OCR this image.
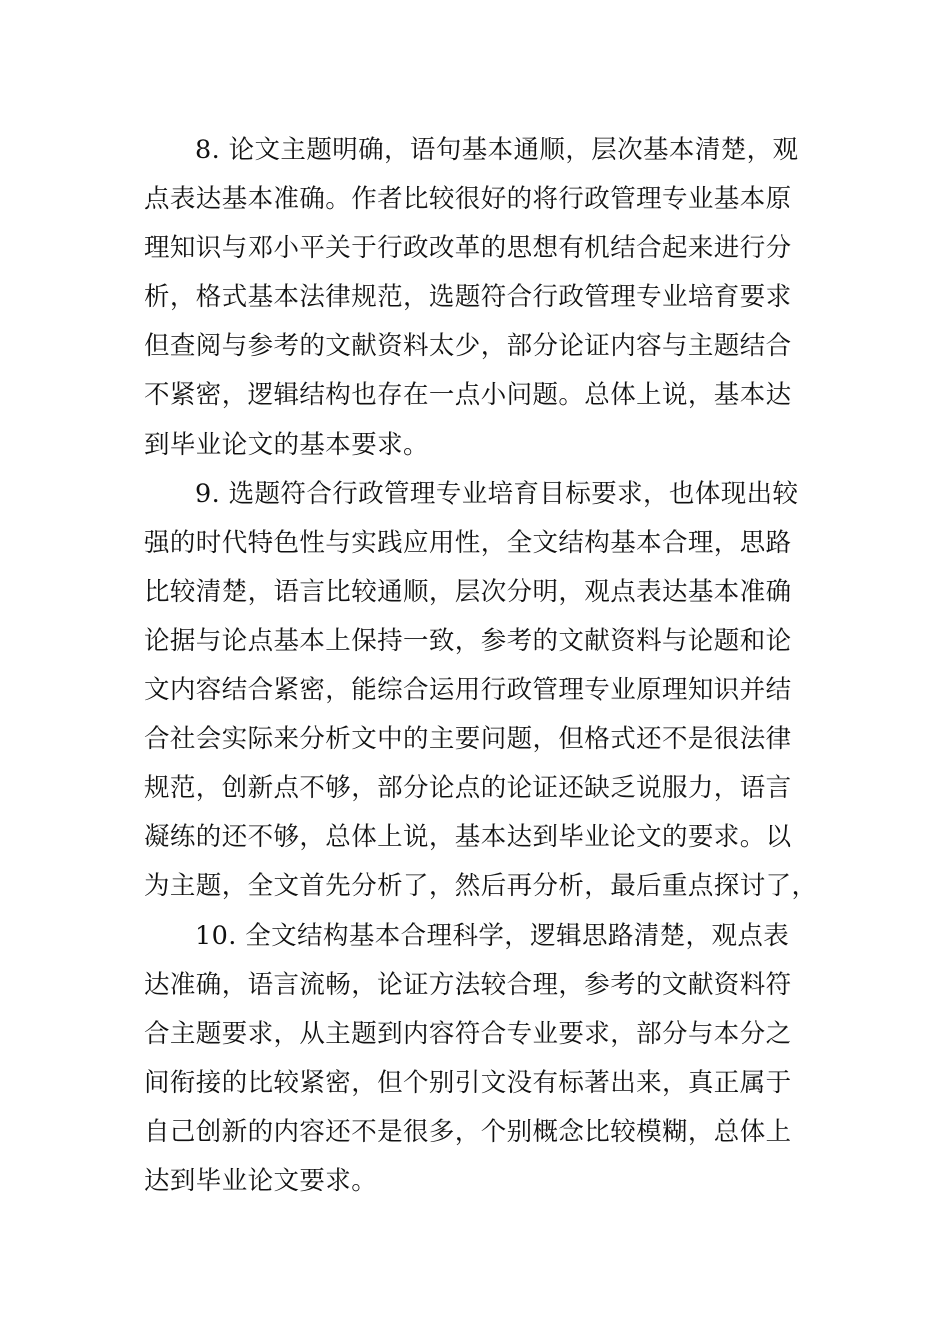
8. 论文主题明确，语句基本通顺，层次基本清楚，观
点表达基本准确。作者比较很好的将行政管理专业基本原
理知识与邓小平关于行政改革的思想有机结合起来进行分
析，格式基本法律规范，选题符合行政管理专业培育要求
但查阅与参考的文献资料太少，部分论证内容与主题结合
不紧密，逻辑结构也存在一点小问题。总体上说，基本达
到毕业论文的基本要求。
9. 选题符合行政管理专业培育目标要求，也体现出较
强的时代特色性与实践应用性，全文结构基本合理，思路
比较清楚，语言比较通顺，层次分明，观点表达基本准确
论据与论点基本上保持一致，参考的文献资料与论题和论
文内容结合紧密，能综合运用行政管理专业原理知识并结
合社会实际来分析文中的主要问题，但格式还不是很法律
规范，创新点不够，部分论点的论证还缺乏说服力，语言
凝练的还不够，总体上说，基本达到毕业论文的要求。以
为主题，全文首先分析了，然后再分析，最后重点探讨了，
10. 全文结构基本合理科学，逻辑思路清楚，观点表
达准确，语言流畅，论证方法较合理，参考的文献资料符
合主题要求，从主题到内容符合专业要求，部分与本分之
间衔接的比较紧密，但个别引文没有标著出来，真正属于
自己创新的内容还不是很多，个别概念比较模糊，总体上
达到毕业论文要求。
